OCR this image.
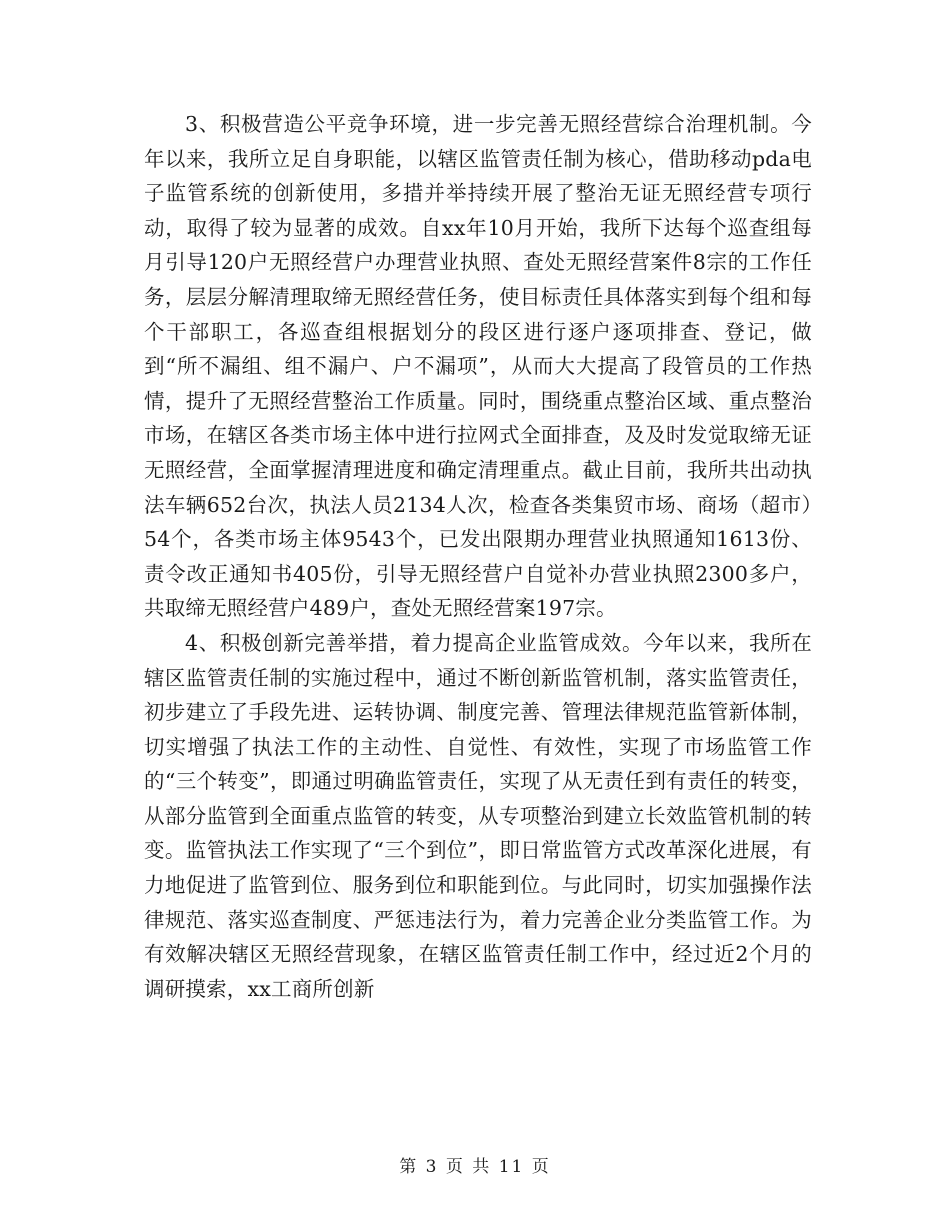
3、积极营造公平竞争环境，进一步完善无照经营综合治理机制。今年以来，我所立足自身职能，以辖区监管责任制为核心，借助移动pda电子监管系统的创新使用，多措并举持续开展了整治无证无照经营专项行动，取得了较为显著的成效。自xx年10月开始，我所下达每个巡查组每月引导120户无照经营户办理营业执照、查处无照经营案件8宗的工作任务，层层分解清理取缔无照经营任务，使目标责任具体落实到每个组和每个干部职工，各巡查组根据划分的段区进行逐户逐项排查、登记，做到“所不漏组、组不漏户、户不漏项”，从而大大提高了段管员的工作热情，提升了无照经营整治工作质量。同时，围绕重点整治区域、重点整治市场，在辖区各类市场主体中进行拉网式全面排查，及及时发觉取缔无证无照经营，全面掌握清理进度和确定清理重点。截止目前，我所共出动执法车辆652台次，执法人员2134人次，检查各类集贸市场、商场（超市）54个，各类市场主体9543个，已发出限期办理营业执照通知1613份、责令改正通知书405份，引导无照经营户自觉补办营业执照2300多户，共取缔无照经营户489户，查处无照经营案197宗。

4、积极创新完善举措，着力提高企业监管成效。今年以来，我所在辖区监管责任制的实施过程中，通过不断创新监管机制，落实监管责任，初步建立了手段先进、运转协调、制度完善、管理法律规范监管新体制，切实增强了执法工作的主动性、自觉性、有效性，实现了市场监管工作的“三个转变”，即通过明确监管责任，实现了从无责任到有责任的转变，从部分监管到全面重点监管的转变，从专项整治到建立长效监管机制的转变。监管执法工作实现了“三个到位”，即日常监管方式改革深化进展，有力地促进了监管到位、服务到位和职能到位。与此同时，切实加强操作法律规范、落实巡查制度、严惩违法行为，着力完善企业分类监管工作。为有效解决辖区无照经营现象，在辖区监管责任制工作中，经过近2个月的调研摸索，xx工商所创新

第 3 页 共 11 页
